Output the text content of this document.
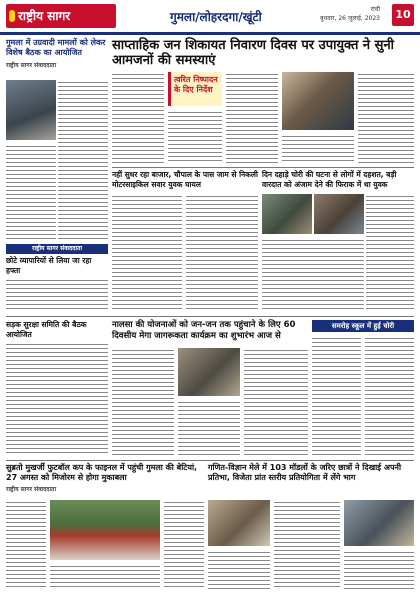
राष्ट्रीय सागर	गुमला/लोहरदगा/खूंटी
रांची
बुधवार, 26 जुलाई, 2023	10
गुमला में उग्रवादी मामलों को लेकर विशेष बैठक का आयोजित
राष्ट्रीय सागर संवाददाता
साप्ताहिक जन शिकायत निवारण दिवस पर उपायुक्त ने सुनी आमजनों की समस्याएं
त्वरित निष्पादन के दिए निर्देश
नहीं सुधर रहा बाजार, चौपाल के पास जाम से निकली मोटरसाइकिल सवार युवक घायल
दिन दहाड़े चोरी की घटना से लोगों में दहशत, बड़ी वारदात को अंजाम देने की फिराक में था युवक
राष्ट्रीय सागर संवाददाता
छोटे व्यापारियों से लिया जा रहा हफ्ता
सड़क सुरक्षा समिति की बैठक आयोजित
नालसा की योजनाओं को जन-जन तक पहुंचाने के लिए 60 दिवसीय मेगा जागरूकता कार्यक्रम का शुभारंभ आज से
समरोह स्कूल में हुई चोरी
सुब्रतो मुखर्जी फुटबॉल कप के फाइनल में पहुंची गुमला की बेटियां, 27 अगस्त को मिजोरम से होगा मुकाबला
राष्ट्रीय सागर संवाददाता
गणित-विज्ञान मेले में 103 मॉडलों के जरिए छात्रों ने दिखाई अपनी प्रतिभा, विजेता प्रांत स्तरीय प्रतियोगिता में लेंगे भाग
